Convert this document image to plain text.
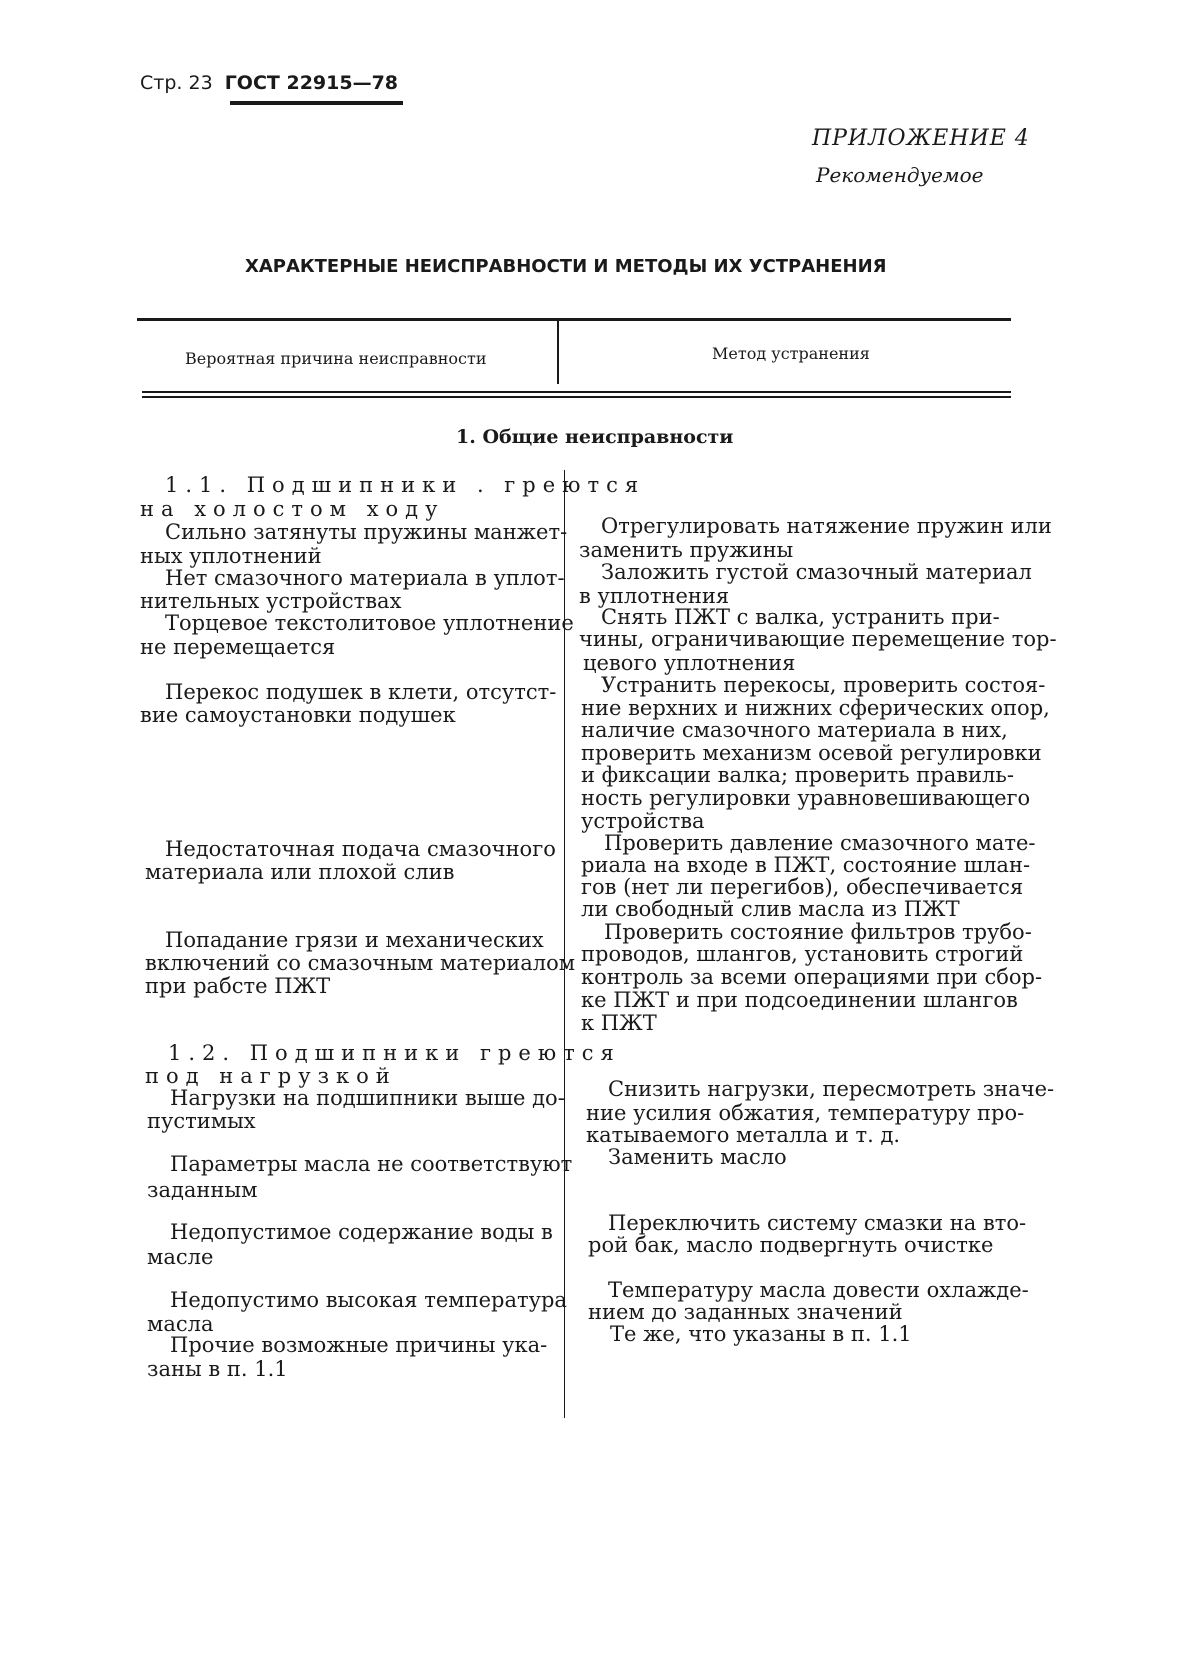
Стр. 23 ГОСТ 22915—78
ПРИЛОЖЕНИЕ 4
Рекомендуемое
ХАРАКТЕРНЫЕ НЕИСПРАВНОСТИ И МЕТОДЫ ИХ УСТРАНЕНИЯ
Вероятная причина неисправности	Метод устранения
1. Общие неисправности
1.1. Подшипники . греются
на холостом ходу
Сильно затянуты пружины манжет-
ных уплотнений
Нет смазочного материала в уплот-
нительных устройствах
Торцевое текстолитовое уплотнение
не перемещается
Перекос подушек в клети, отсутст-
вие самоустановки подушек
Недостаточная подача смазочного
материала или плохой слив
Попадание грязи и механических
включений со смазочным материалом
при рабсте ПЖТ
1.2. Подшипники греются
под нагрузкой
Нагрузки на подшипники выше до-
пустимых
Параметры масла не соответствуют
заданным
Недопустимое содержание воды в
масле
Недопустимо высокая температура
масла
Прочие возможные причины ука-
заны в п. 1.1
Отрегулировать натяжение пружин или
заменить пружины
Заложить густой смазочный материал
в уплотнения
Снять ПЖТ с валка, устранить при-
чины, ограничивающие перемещение тор-
цевого уплотнения
Устранить перекосы, проверить состоя-
ние верхних и нижних сферических опор,
наличие смазочного материала в них,
проверить механизм осевой регулировки
и фиксации валка; проверить правиль-
ность регулировки уравновешивающего
устройства
Проверить давление смазочного мате-
риала на входе в ПЖТ, состояние шлан-
гов (нет ли перегибов), обеспечивается
ли свободный слив масла из ПЖТ
Проверить состояние фильтров трубо-
проводов, шлангов, установить строгий
контроль за всеми операциями при сбор-
ке ПЖТ и при подсоединении шлангов
к ПЖТ
Снизить нагрузки, пересмотреть значе-
ние усилия обжатия, температуру про-
катываемого металла и т. д.
Заменить масло
Переключить систему смазки на вто-
рой бак, масло подвергнуть очистке
Температуру масла довести охлажде-
нием до заданных значений
Те же, что указаны в п. 1.1
